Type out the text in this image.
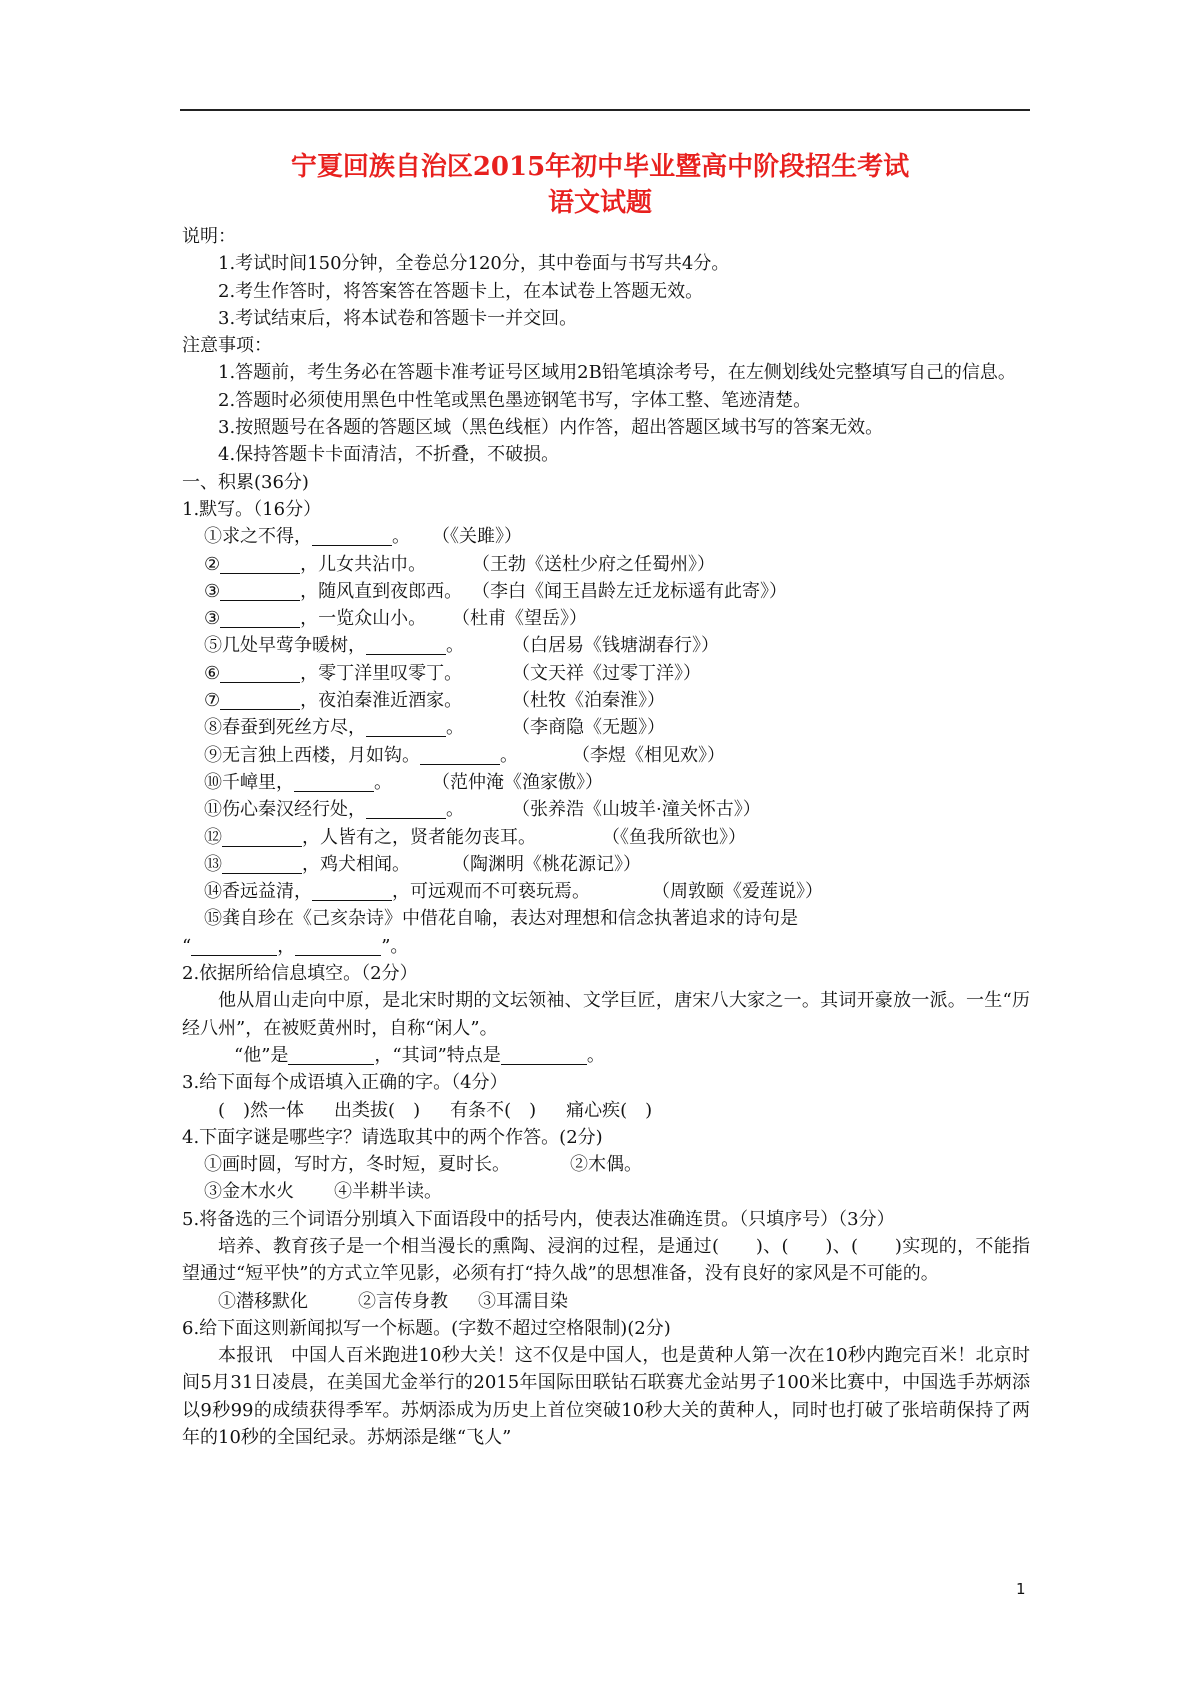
宁夏回族自治区2015年初中毕业暨高中阶段招生考试
语文试题

说明：

1.考试时间150分钟，全卷总分120分，其中卷面与书写共4分。

2.考生作答时，将答案答在答题卡上，在本试卷上答题无效。

3.考试结束后，将本试卷和答题卡一并交回。

注意事项：

1.答题前，考生务必在答题卡准考证号区域用2B铅笔填涂考号，在左侧划线处完整填写自己的信息。

2.答题时必须使用黑色中性笔或黑色墨迹钢笔书写，字体工整、笔迹清楚。

3.按照题号在各题的答题区域（黑色线框）内作答，超出答题区域书写的答案无效。

4.保持答题卡卡面清洁，不折叠，不破损。

一、积累(36分)

1.默写。（16分）

①求之不得，	。 （《关雎》）

②	，儿女共沾巾。	（王勃《送杜少府之任蜀州》）

③	，随风直到夜郎西。 （李白《闻王昌龄左迁龙标遥有此寄》）

③	，一览众山小。 （杜甫《望岳》）

⑤几处早莺争暖树，	。	（白居易《钱塘湖春行》）

⑥	，零丁洋里叹零丁。	（文天祥《过零丁洋》）

⑦	，夜泊秦淮近酒家。	（杜牧《泊秦淮》）

⑧春蚕到死丝方尽，	。	（李商隐《无题》）

⑨无言独上西楼，月如钩。	。	（李煜《相见欢》）

⑩千嶂里，	。 （范仲淹《渔家傲》）

⑪伤心秦汉经行处，	。	（张养浩《山坡羊·潼关怀古》）

⑫	，人皆有之，贤者能勿丧耳。	（《鱼我所欲也》）

⑬	，鸡犬相闻。 （陶渊明《桃花源记》）

⑭香远益清，	，可远观而不可亵玩焉。	（周敦颐《爱莲说》）

⑮龚自珍在《己亥杂诗》中借花自喻，表达对理想和信念执著追求的诗句是

“	，	”。

2.依据所给信息填空。（2分）

他从眉山走向中原，是北宋时期的文坛领袖、文学巨匠，唐宋八大家之一。其词开豪放一派。一生“历经八州”，在被贬黄州时，自称“闲人”。

“他”是	，“其词”特点是	。

3.给下面每个成语填入正确的字。（4分）

(　)然一体 出类拔(　) 有条不(　) 痛心疾(　)

4.下面字谜是哪些字？请选取其中的两个作答。(2分)

①画时圆，写时方，冬时短，夏时长。	②木偶。

③金木水火 ④半耕半读。

5.将备选的三个词语分别填入下面语段中的括号内，使表达准确连贯。（只填序号）（3分）

培养、教育孩子是一个相当漫长的熏陶、浸润的过程，是通过(　　)、(　　)、(　　)实现的，不能指望通过“短平快”的方式立竿见影，必须有打“持久战”的思想准备，没有良好的家风是不可能的。

①潜移默化	②言传身教 ③耳濡目染

6.给下面这则新闻拟写一个标题。(字数不超过空格限制)(2分)

本报讯　中国人百米跑进10秒大关！这不仅是中国人，也是黄种人第一次在10秒内跑完百米！北京时间5月31日凌晨，在美国尤金举行的2015年国际田联钻石联赛尤金站男子100米比赛中，中国选手苏炳添以9秒99的成绩获得季军。苏炳添成为历史上首位突破10秒大关的黄种人，同时也打破了张培萌保持了两年的10秒的全国纪录。苏炳添是继“飞人”

1
